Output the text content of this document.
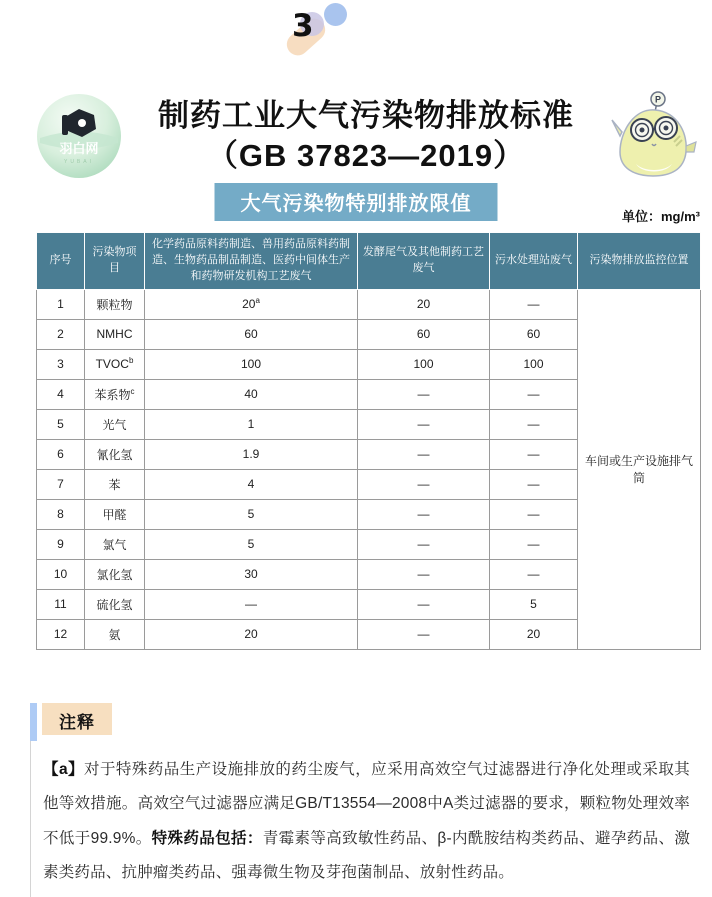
3
羽白网
YUBAI
制药工业大气污染物排放标准
（GB 37823—2019）
P
大气污染物特别排放限值
单位：mg/m³
序号	污染物项目	化学药品原料药制造、兽用药品原料药制造、生物药品制品制造、医药中间体生产和药物研发机构工艺废气	发酵尾气及其他制药工艺废气	污水处理站废气	污染物排放监控位置
1	颗粒物	20$^a$	20	—	车间或生产设施排气筒
2	NMHC	60	60	60	
3	TVOC$^b$	100	100	100	
4	苯系物$^c$	40	—	—	
5	光气	1	—	—	
6	氰化氢	1.9	—	—	
7	苯	4	—	—	
8	甲醛	5	—	—	
9	氯气	5	—	—	
10	氯化氢	30	—	—	
11	硫化氢	—	—	5	
12	氨	20	—	20	
注释

【a】对于特殊药品生产设施排放的药尘废气，应采用高效空气过滤器进行净化处理或采取其他等效措施。高效空气过滤器应满足GB/T13554—2008中A类过滤器的要求，颗粒物处理效率不低于99.9%。特殊药品包括：青霉素等高致敏性药品、β-内酰胺结构类药品、避孕药品、激素类药品、抗肿瘤类药品、强毒微生物及芽孢菌制品、放射性药品。
